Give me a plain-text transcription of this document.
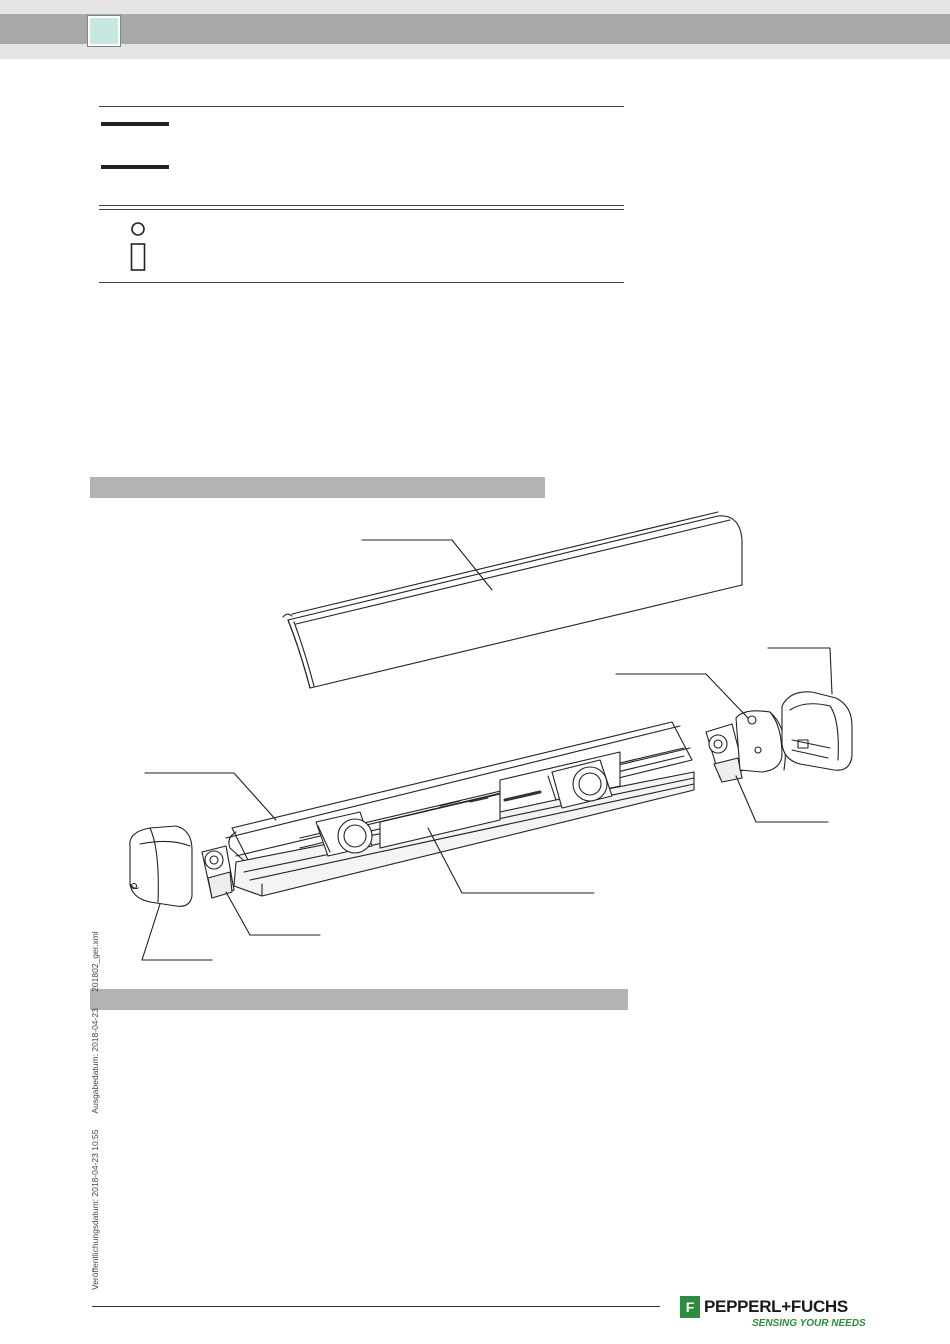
Veröffentlichungsdatum: 2018-04-23 10:55 Ausgabedatum: 2018-04-23 201802_ger.xml
F PEPPERL+FUCHS
SENSING YOUR NEEDS
